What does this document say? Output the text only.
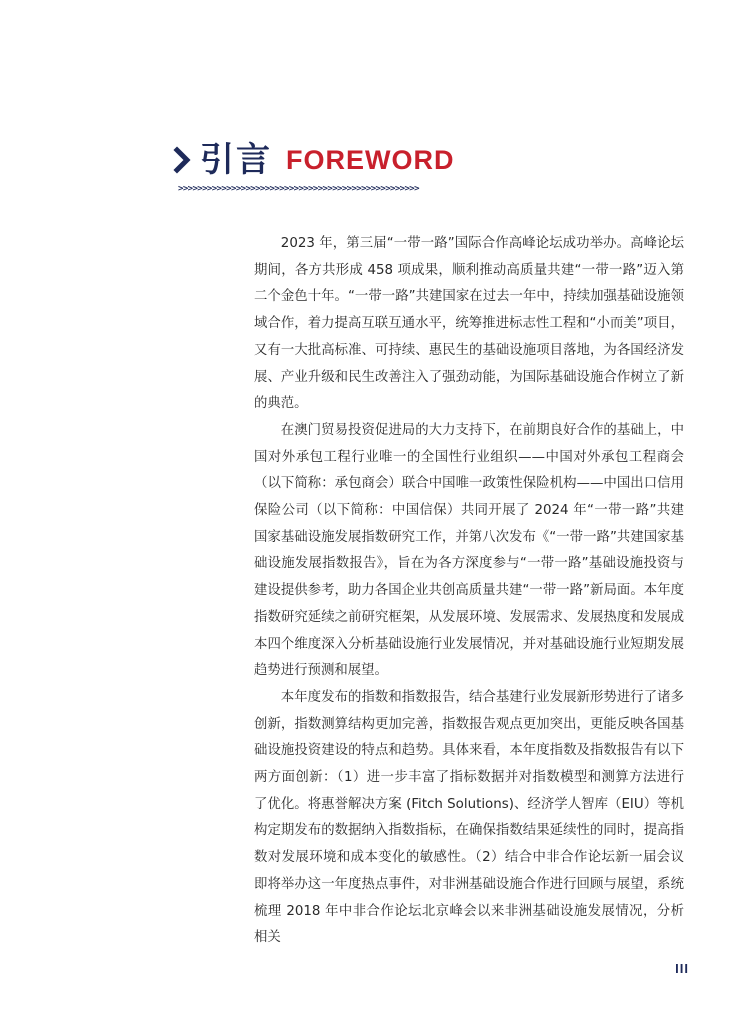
引言 FOREWORD
>>>>>>>>>>>>>>>>>>>>>>>>>>>>>>>>>>>>>>>>>>>>>>>>>>

2023 年，第三届“一带一路”国际合作高峰论坛成功举办。高峰论坛期间，各方共形成 458 项成果，顺利推动高质量共建“一带一路”迈入第二个金色十年。“一带一路”共建国家在过去一年中，持续加强基础设施领域合作，着力提高互联互通水平，统筹推进标志性工程和“小而美”项目，又有一大批高标准、可持续、惠民生的基础设施项目落地，为各国经济发展、产业升级和民生改善注入了强劲动能，为国际基础设施合作树立了新的典范。

在澳门贸易投资促进局的大力支持下，在前期良好合作的基础上，中国对外承包工程行业唯一的全国性行业组织——中国对外承包工程商会（以下简称：承包商会）联合中国唯一政策性保险机构——中国出口信用保险公司（以下简称：中国信保）共同开展了 2024 年“一带一路”共建国家基础设施发展指数研究工作，并第八次发布《“一带一路”共建国家基础设施发展指数报告》，旨在为各方深度参与“一带一路”基础设施投资与建设提供参考，助力各国企业共创高质量共建“一带一路”新局面。本年度指数研究延续之前研究框架，从发展环境、发展需求、发展热度和发展成本四个维度深入分析基础设施行业发展情况，并对基础设施行业短期发展趋势进行预测和展望。

本年度发布的指数和指数报告，结合基建行业发展新形势进行了诸多创新，指数测算结构更加完善，指数报告观点更加突出，更能反映各国基础设施投资建设的特点和趋势。具体来看，本年度指数及指数报告有以下两方面创新：（1）进一步丰富了指标数据并对指数模型和测算方法进行了优化。将惠誉解决方案 (Fitch Solutions)、经济学人智库（EIU）等机构定期发布的数据纳入指数指标，在确保指数结果延续性的同时，提高指数对发展环境和成本变化的敏感性。（2）结合中非合作论坛新一届会议即将举办这一年度热点事件，对非洲基础设施合作进行回顾与展望，系统梳理 2018 年中非合作论坛北京峰会以来非洲基础设施发展情况，分析相关

III
